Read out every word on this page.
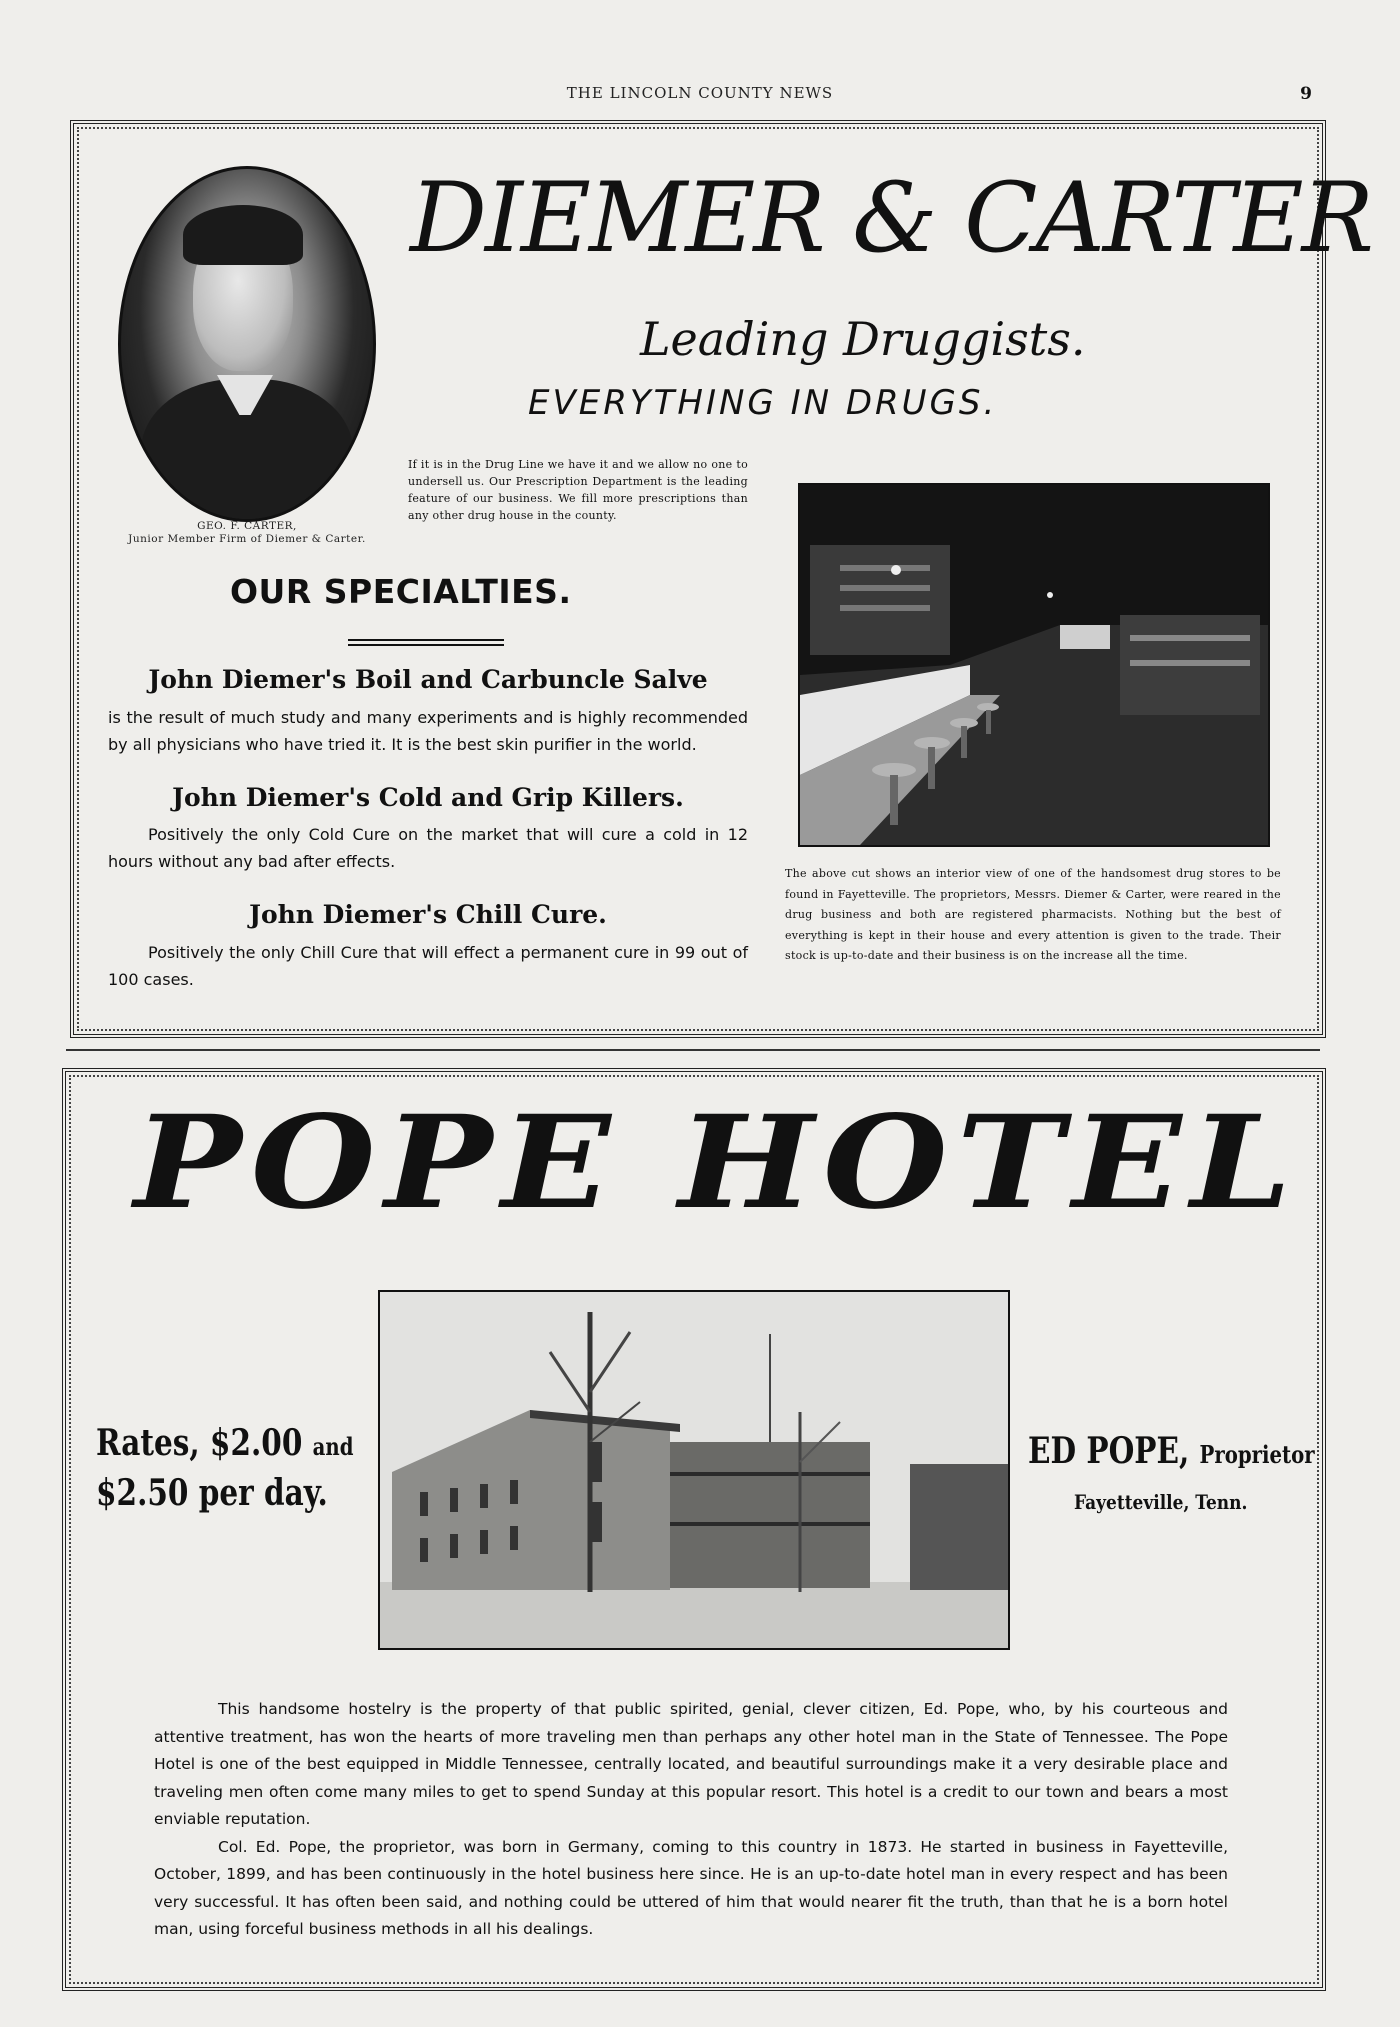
THE LINCOLN COUNTY NEWS	9
GEO. F. CARTER,
Junior Member Firm of Diemer & Carter.
DIEMER & CARTER
Leading Druggists.
EVERYTHING IN DRUGS.
If it is in the Drug Line we have it and we allow no one to undersell us. Our Prescription Department is the leading feature of our business. We fill more prescriptions than any other drug house in the county.
OUR SPECIALTIES.
John Diemer's Boil and Carbuncle Salve
is the result of much study and many experiments and is highly recommended by all physicians who have tried it. It is the best skin purifier in the world.
John Diemer's Cold and Grip Killers.
Positively the only Cold Cure on the market that will cure a cold in 12 hours without any bad after effects.
John Diemer's Chill Cure.
Positively the only Chill Cure that will effect a permanent cure in 99 out of 100 cases.
The above cut shows an interior view of one of the handsomest drug stores to be found in Fayetteville. The proprietors, Messrs. Diemer & Carter, were reared in the drug business and both are registered pharmacists. Nothing but the best of everything is kept in their house and every attention is given to the trade. Their stock is up-to-date and their business is on the increase all the time.
POPE HOTEL
Rates, $2.00 and
$2.50 per day.
ED POPE, Proprietor
Fayetteville, Tenn.

This handsome hostelry is the property of that public spirited, genial, clever citizen, Ed. Pope, who, by his courteous and attentive treatment, has won the hearts of more traveling men than perhaps any other hotel man in the State of Tennessee. The Pope Hotel is one of the best equipped in Middle Tennessee, centrally located, and beautiful surroundings make it a very desirable place and traveling men often come many miles to get to spend Sunday at this popular resort. This hotel is a credit to our town and bears a most enviable reputation.

Col. Ed. Pope, the proprietor, was born in Germany, coming to this country in 1873. He started in business in Fayetteville, October, 1899, and has been continuously in the hotel business here since. He is an up-to-date hotel man in every respect and has been very successful. It has often been said, and nothing could be uttered of him that would nearer fit the truth, than that he is a born hotel man, using forceful business methods in all his dealings.
